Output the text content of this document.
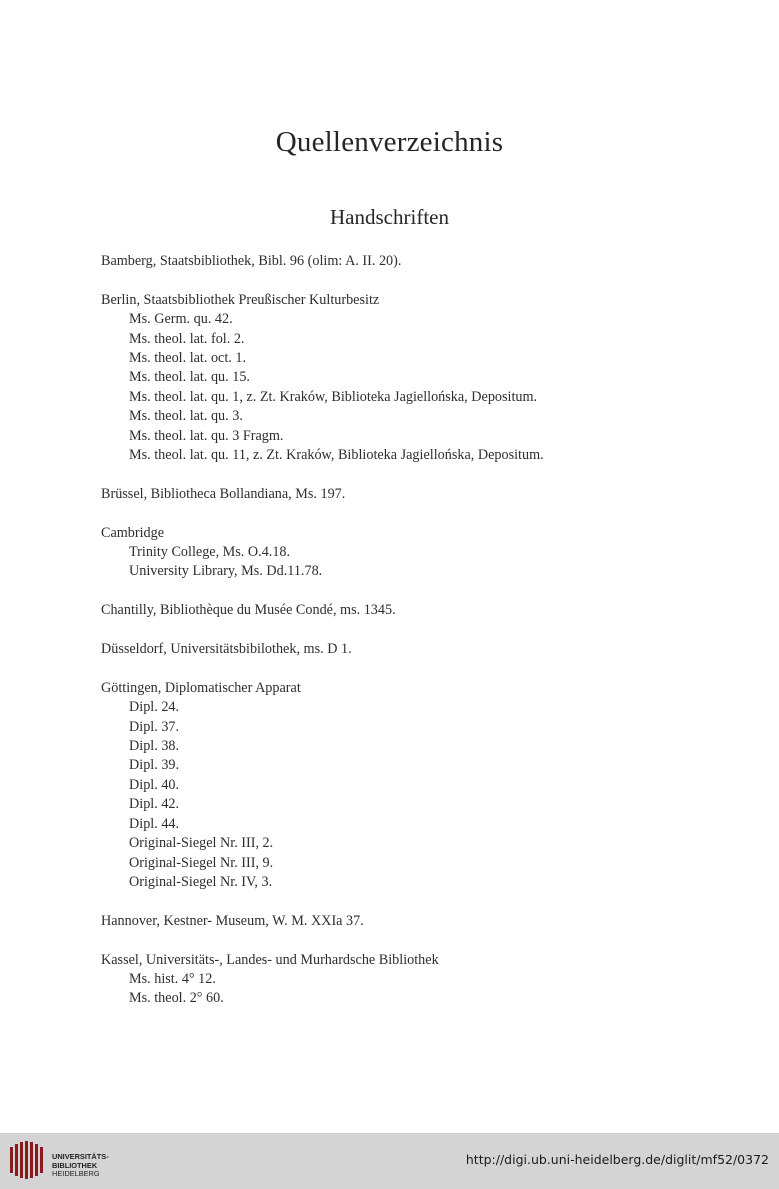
Quellenverzeichnis
Handschriften
Bamberg, Staatsbibliothek, Bibl. 96 (olim: A. II. 20).
Berlin, Staatsbibliothek Preußischer Kulturbesitz
Ms. Germ. qu. 42.
Ms. theol. lat. fol. 2.
Ms. theol. lat. oct. 1.
Ms. theol. lat. qu. 15.
Ms. theol. lat. qu. 1, z. Zt. Kraków, Biblioteka Jagiellońska, Depositum.
Ms. theol. lat. qu. 3.
Ms. theol. lat. qu. 3 Fragm.
Ms. theol. lat. qu. 11, z. Zt. Kraków, Biblioteka Jagiellońska, Depositum.
Brüssel, Bibliotheca Bollandiana, Ms. 197.
Cambridge
Trinity College, Ms. O.4.18.
University Library, Ms. Dd.11.78.
Chantilly, Bibliothèque du Musée Condé, ms. 1345.
Düsseldorf, Universitätsbibilothek, ms. D 1.
Göttingen, Diplomatischer Apparat
Dipl. 24.
Dipl. 37.
Dipl. 38.
Dipl. 39.
Dipl. 40.
Dipl. 42.
Dipl. 44.
Original-Siegel Nr. III, 2.
Original-Siegel Nr. III, 9.
Original-Siegel Nr. IV, 3.
Hannover, Kestner- Museum, W. M. XXIa 37.
Kassel, Universitäts-, Landes- und Murhardsche Bibliothek
Ms. hist. 4° 12.
Ms. theol. 2° 60.
UNIVERSITÄTS-
BIBLIOTHEK
HEIDELBERG
http://digi.ub.uni-heidelberg.de/diglit/mf52/0372
